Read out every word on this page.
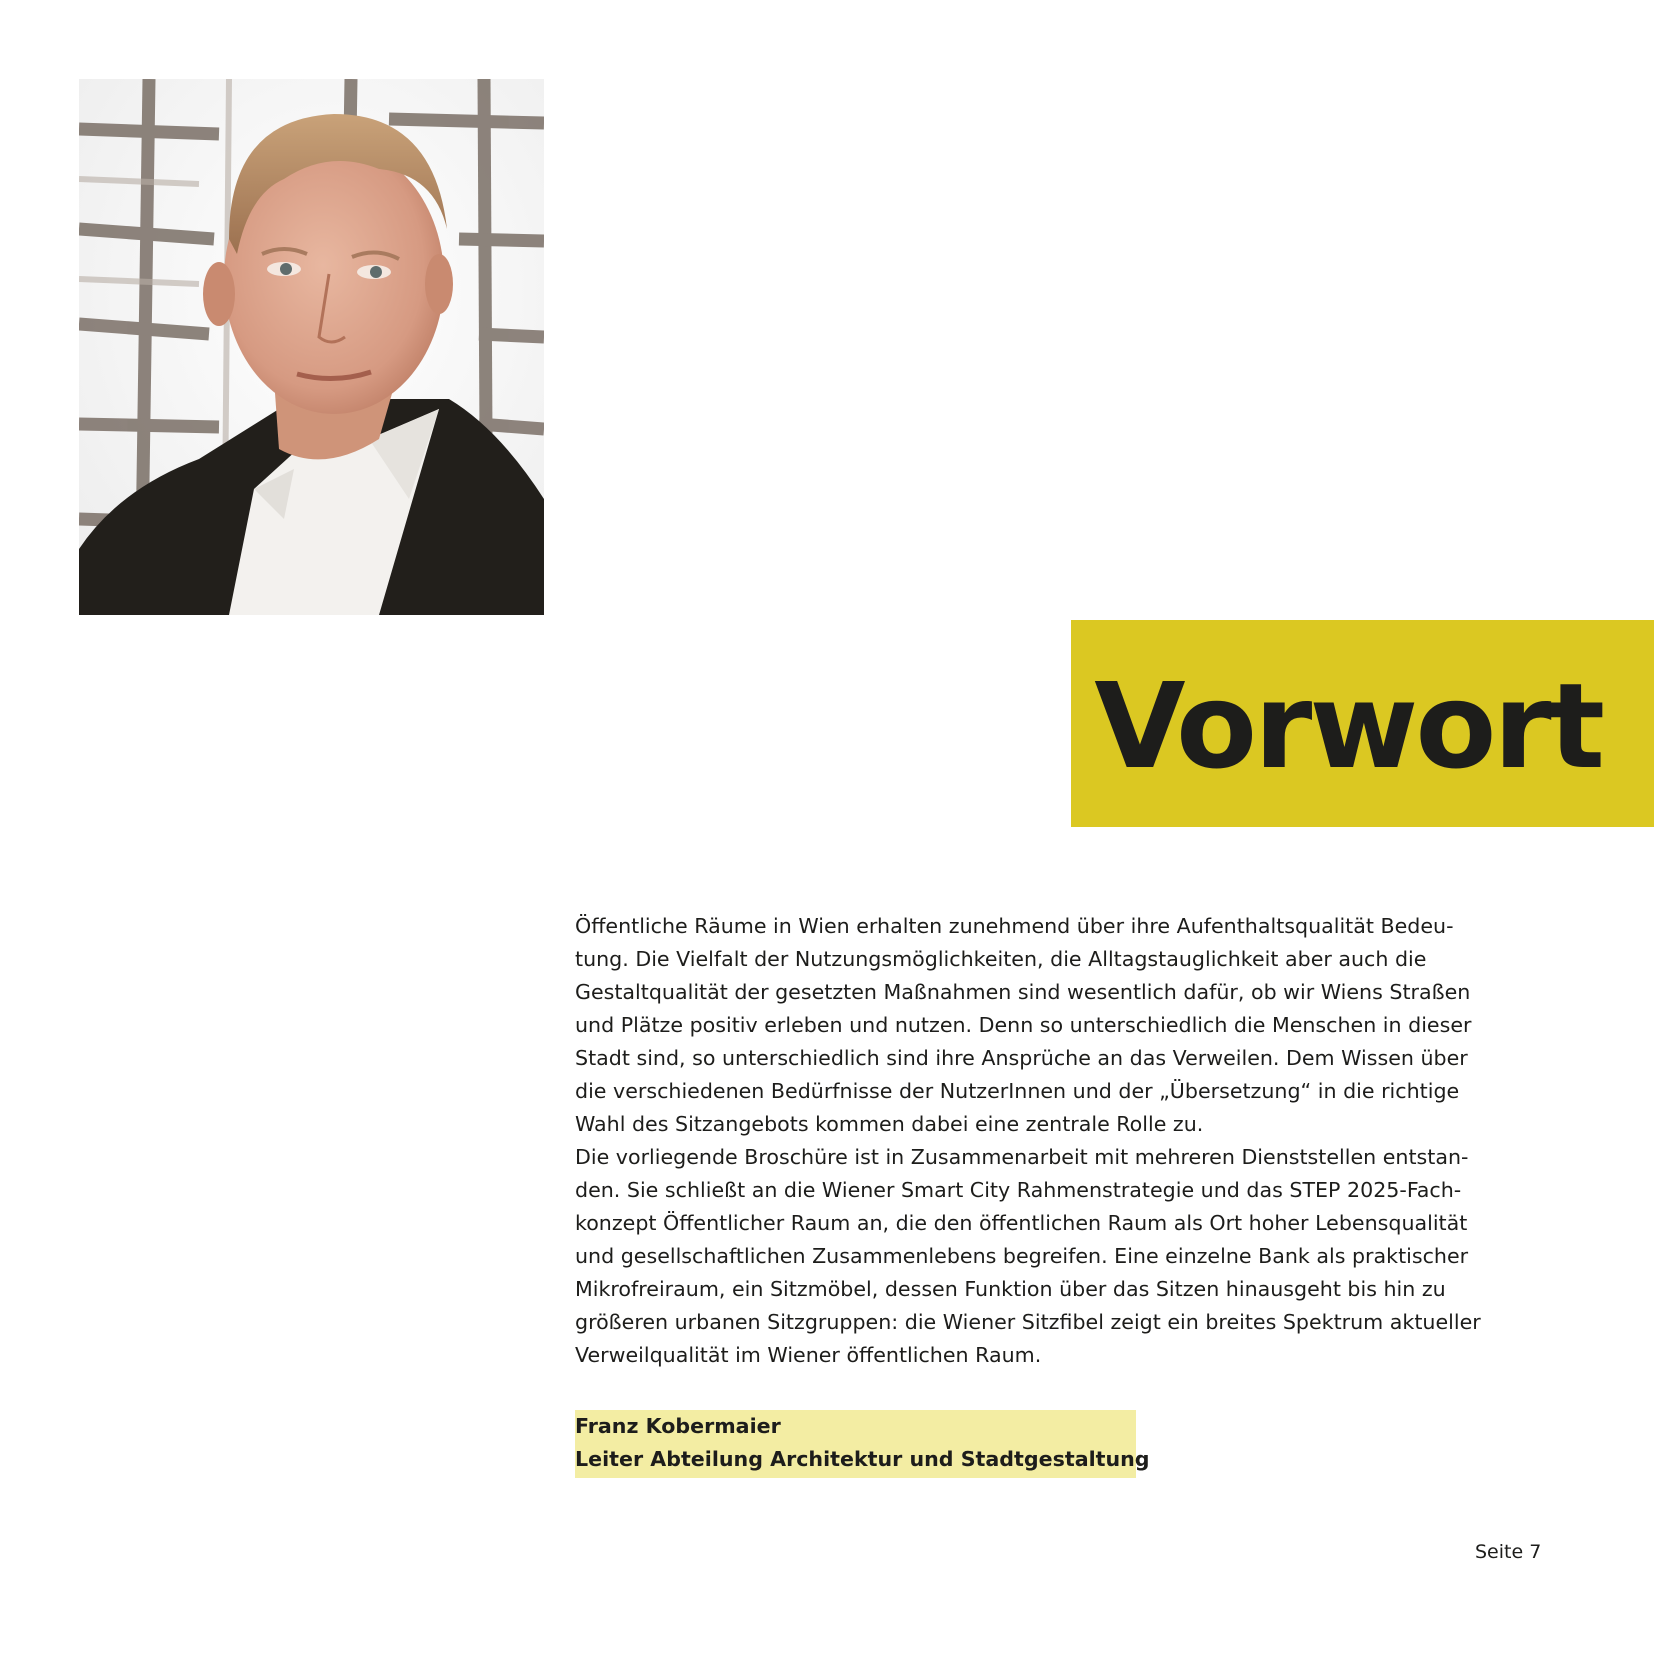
Vorwort
Öffentliche Räume in Wien erhalten zunehmend über ihre Aufenthaltsqualität Bedeu-
tung. Die Vielfalt der Nutzungsmöglichkeiten, die Alltagstauglichkeit aber auch die
Gestaltqualität der gesetzten Maßnahmen sind wesentlich dafür, ob wir Wiens Straßen
und Plätze positiv erleben und nutzen. Denn so unterschiedlich die Menschen in dieser
Stadt sind, so unterschiedlich sind ihre Ansprüche an das Verweilen. Dem Wissen über
die verschiedenen Bedürfnisse der NutzerInnen und der „Übersetzung“ in die richtige
Wahl des Sitzangebots kommen dabei eine zentrale Rolle zu.
Die vorliegende Broschüre ist in Zusammenarbeit mit mehreren Dienststellen entstan-
den. Sie schließt an die Wiener Smart City Rahmenstrategie und das STEP 2025-Fach-
konzept Öffentlicher Raum an, die den öffentlichen Raum als Ort hoher Lebensqualität
und gesellschaftlichen Zusammenlebens begreifen. Eine einzelne Bank als praktischer
Mikrofreiraum, ein Sitzmöbel, dessen Funktion über das Sitzen hinausgeht bis hin zu
größeren urbanen Sitzgruppen: die Wiener Sitzfibel zeigt ein breites Spektrum aktueller
Verweilqualität im Wiener öffentlichen Raum.
Franz Kobermaier
Leiter Abteilung Architektur und Stadtgestaltung
Seite 7
